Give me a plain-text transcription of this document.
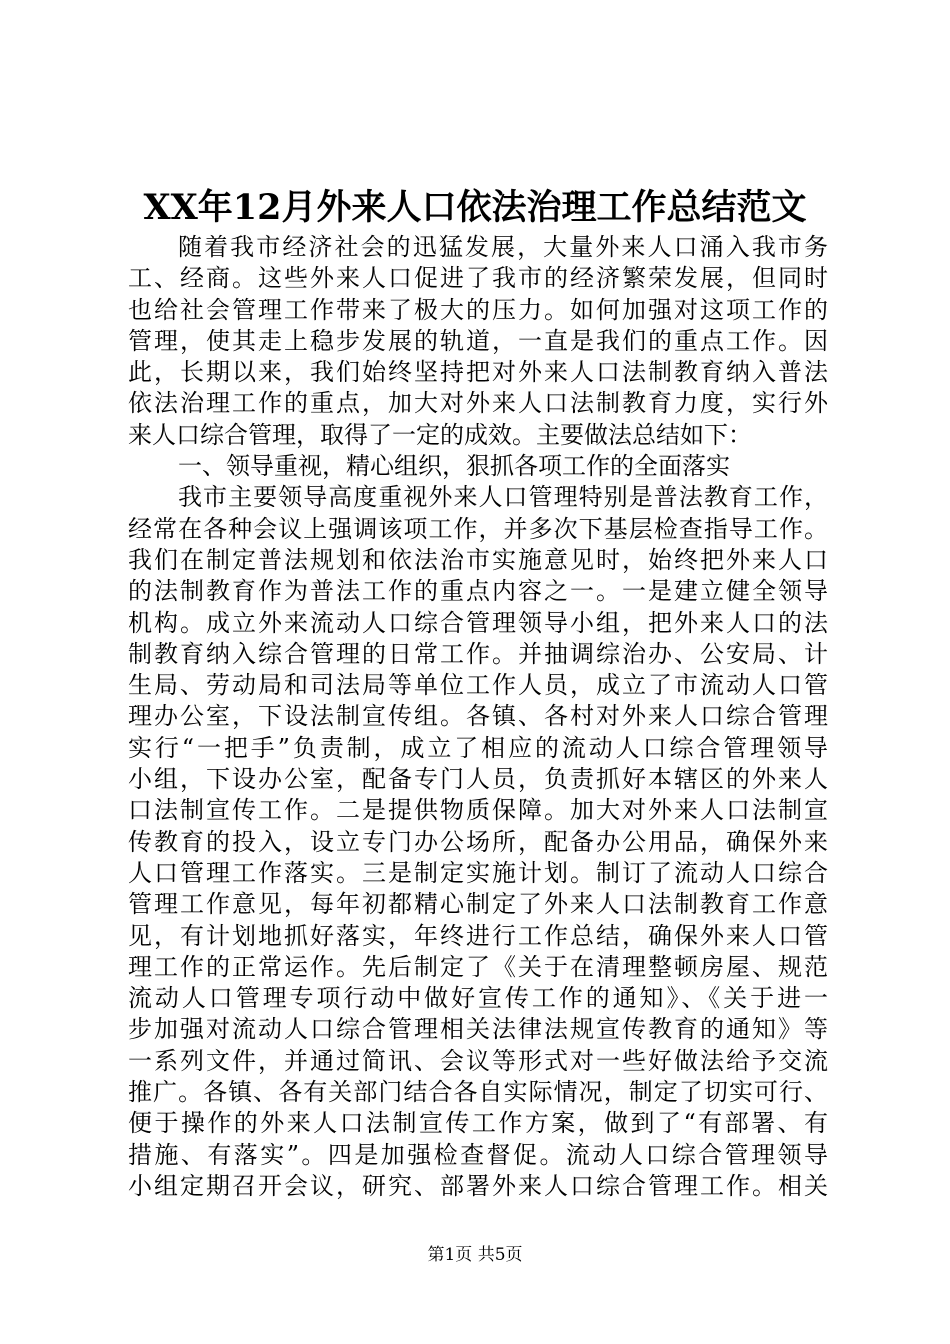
XX年12月外来人口依法治理工作总结范文
随着我市经济社会的迅猛发展，大量外来人口涌入我市务
工、经商。这些外来人口促进了我市的经济繁荣发展，但同时
也给社会管理工作带来了极大的压力。如何加强对这项工作的
管理，使其走上稳步发展的轨道，一直是我们的重点工作。因
此，长期以来，我们始终坚持把对外来人口法制教育纳入普法
依法治理工作的重点，加大对外来人口法制教育力度，实行外
来人口综合管理，取得了一定的成效。主要做法总结如下：
一、领导重视，精心组织，狠抓各项工作的全面落实
我市主要领导高度重视外来人口管理特别是普法教育工作，
经常在各种会议上强调该项工作，并多次下基层检查指导工作。
我们在制定普法规划和依法治市实施意见时，始终把外来人口
的法制教育作为普法工作的重点内容之一。一是建立健全领导
机构。成立外来流动人口综合管理领导小组，把外来人口的法
制教育纳入综合管理的日常工作。并抽调综治办、公安局、计
生局、劳动局和司法局等单位工作人员，成立了市流动人口管
理办公室，下设法制宣传组。各镇、各村对外来人口综合管理
实行“一把手”负责制，成立了相应的流动人口综合管理领导
小组，下设办公室，配备专门人员，负责抓好本辖区的外来人
口法制宣传工作。二是提供物质保障。加大对外来人口法制宣
传教育的投入，设立专门办公场所，配备办公用品，确保外来
人口管理工作落实。三是制定实施计划。制订了流动人口综合
管理工作意见，每年初都精心制定了外来人口法制教育工作意
见，有计划地抓好落实，年终进行工作总结，确保外来人口管
理工作的正常运作。先后制定了《关于在清理整顿房屋、规范
流动人口管理专项行动中做好宣传工作的通知》、《关于进一
步加强对流动人口综合管理相关法律法规宣传教育的通知》等
一系列文件，并通过简讯、会议等形式对一些好做法给予交流
推广。各镇、各有关部门结合各自实际情况，制定了切实可行、
便于操作的外来人口法制宣传工作方案，做到了“有部署、有
措施、有落实”。四是加强检查督促。流动人口综合管理领导
小组定期召开会议，研究、部署外来人口综合管理工作。相关
第1页 共5页
